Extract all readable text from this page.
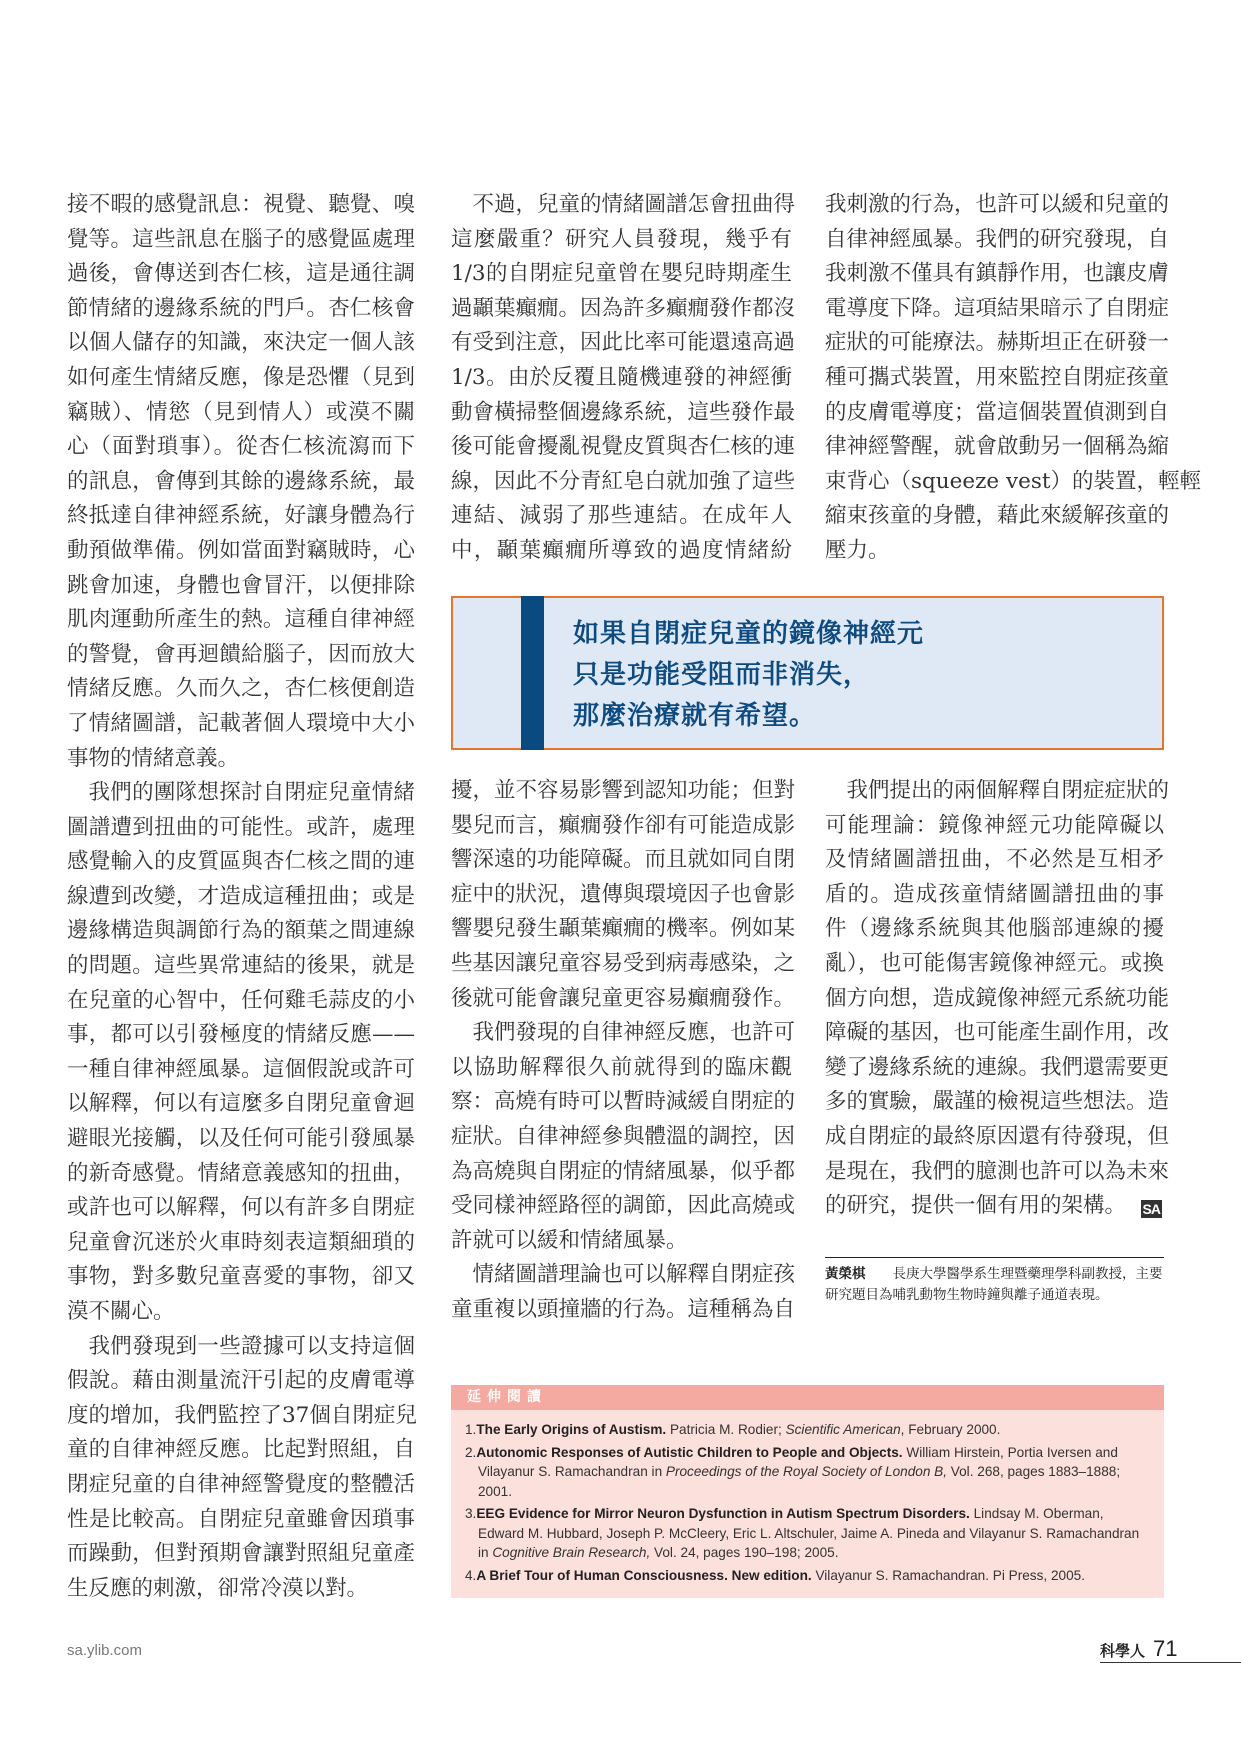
接不暇的感覺訊息：視覺、聽覺、嗅
覺等。這些訊息在腦子的感覺區處理
過後，會傳送到杏仁核，這是通往調
節情緒的邊緣系統的門戶。杏仁核會
以個人儲存的知識，來決定一個人該
如何產生情緒反應，像是恐懼（見到
竊賊）、情慾（見到情人）或漠不關
心（面對瑣事）。從杏仁核流瀉而下
的訊息，會傳到其餘的邊緣系統，最
終抵達自律神經系統，好讓身體為行
動預做準備。例如當面對竊賊時，心
跳會加速，身體也會冒汗，以便排除
肌肉運動所產生的熱。這種自律神經
的警覺，會再迴饋給腦子，因而放大
情緒反應。久而久之，杏仁核便創造
了情緒圖譜，記載著個人環境中大小
事物的情緒意義。
我們的團隊想探討自閉症兒童情緒
圖譜遭到扭曲的可能性。或許，處理
感覺輸入的皮質區與杏仁核之間的連
線遭到改變，才造成這種扭曲；或是
邊緣構造與調節行為的額葉之間連線
的問題。這些異常連結的後果，就是
在兒童的心智中，任何雞毛蒜皮的小
事，都可以引發極度的情緒反應——
一種自律神經風暴。這個假說或許可
以解釋，何以有這麼多自閉兒童會迴
避眼光接觸，以及任何可能引發風暴
的新奇感覺。情緒意義感知的扭曲，
或許也可以解釋，何以有許多自閉症
兒童會沉迷於火車時刻表這類細瑣的
事物，對多數兒童喜愛的事物，卻又
漠不關心。
我們發現到一些證據可以支持這個
假說。藉由測量流汗引起的皮膚電導
度的增加，我們監控了37個自閉症兒
童的自律神經反應。比起對照組，自
閉症兒童的自律神經警覺度的整體活
性是比較高。自閉症兒童雖會因瑣事
而躁動，但對預期會讓對照組兒童產
生反應的刺激，卻常冷漠以對。
不過，兒童的情緒圖譜怎會扭曲得
這麼嚴重？研究人員發現，幾乎有
1/3的自閉症兒童曾在嬰兒時期產生
過顳葉癲癇。因為許多癲癇發作都沒
有受到注意，因此比率可能還遠高過
1/3。由於反覆且隨機連發的神經衝
動會橫掃整個邊緣系統，這些發作最
後可能會擾亂視覺皮質與杏仁核的連
線，因此不分青紅皂白就加強了這些
連結、減弱了那些連結。在成年人
中，顳葉癲癇所導致的過度情緒紛
我刺激的行為，也許可以緩和兒童的
自律神經風暴。我們的研究發現，自
我刺激不僅具有鎮靜作用，也讓皮膚
電導度下降。這項結果暗示了自閉症
症狀的可能療法。赫斯坦正在研發一
種可攜式裝置，用來監控自閉症孩童
的皮膚電導度；當這個裝置偵測到自
律神經警醒，就會啟動另一個稱為縮
束背心（squeeze vest）的裝置，輕輕
縮束孩童的身體，藉此來緩解孩童的
壓力。
如果自閉症兒童的鏡像神經元
只是功能受阻而非消失，
那麼治療就有希望。
擾，並不容易影響到認知功能；但對
嬰兒而言，癲癇發作卻有可能造成影
響深遠的功能障礙。而且就如同自閉
症中的狀況，遺傳與環境因子也會影
響嬰兒發生顳葉癲癇的機率。例如某
些基因讓兒童容易受到病毒感染，之
後就可能會讓兒童更容易癲癇發作。
我們發現的自律神經反應，也許可
以協助解釋很久前就得到的臨床觀
察：高燒有時可以暫時減緩自閉症的
症狀。自律神經參與體溫的調控，因
為高燒與自閉症的情緒風暴，似乎都
受同樣神經路徑的調節，因此高燒或
許就可以緩和情緒風暴。
情緒圖譜理論也可以解釋自閉症孩
童重複以頭撞牆的行為。這種稱為自
我們提出的兩個解釋自閉症症狀的
可能理論：鏡像神經元功能障礙以
及情緒圖譜扭曲，不必然是互相矛
盾的。造成孩童情緒圖譜扭曲的事
件（邊緣系統與其他腦部連線的擾
亂），也可能傷害鏡像神經元。或換
個方向想，造成鏡像神經元系統功能
障礙的基因，也可能產生副作用，改
變了邊緣系統的連線。我們還需要更
多的實驗，嚴謹的檢視這些想法。造
成自閉症的最終原因還有待發現，但
是現在，我們的臆測也許可以為未來
的研究，提供一個有用的架構。	SA
黃榮棋 長庚大學醫學系生理暨藥理學科副教授，主要研究題目為哺乳動物生物時鐘與離子通道表現。
延伸閱讀
1.The Early Origins of Austism. Patricia M. Rodier; Scientific American, February 2000.
2.Autonomic Responses of Autistic Children to People and Objects. William Hirstein, Portia Iversen and Vilayanur S. Ramachandran in Proceedings of the Royal Society of London B, Vol. 268, pages 1883–1888; 2001.
3.EEG Evidence for Mirror Neuron Dysfunction in Autism Spectrum Disorders. Lindsay M. Oberman, Edward M. Hubbard, Joseph P. McCleery, Eric L. Altschuler, Jaime A. Pineda and Vilayanur S. Ramachandran in Cognitive Brain Research, Vol. 24, pages 190–198; 2005.
4.A Brief Tour of Human Consciousness. New edition. Vilayanur S. Ramachandran. Pi Press, 2005.
sa.ylib.com	科學人 71
